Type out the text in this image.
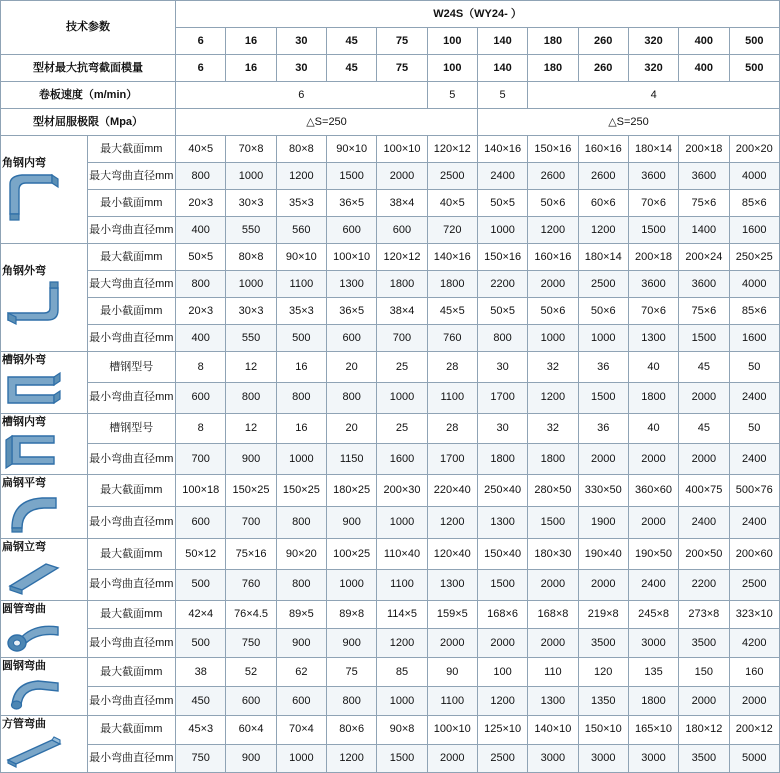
技术参数		W24S（WY24- ）											
		6	16	30	45	75	100	140	180	260	320	400	500
型材最大抗弯截面模量		6	16	30	45	75	100	140	180	260	320	400	500
卷板速度（m/min）		6					5	5	4				
型材屈服极限（Mpa）		△S=250						△S=250					

角钢内弯	最大截面mm	40×5	70×8	80×8	90×10	100×10	120×12	140×16	150×16	160×16	180×14	200×18	200×20
	最大弯曲直径mm	800	1000	1200	1500	2000	2500	2400	2600	2600	3600	3600	4000
	最小截面mm	20×3	30×3	35×3	36×5	38×4	40×5	50×5	50×6	60×6	70×6	75×6	85×6
	最小弯曲直径mm	400	550	560	600	600	720	1000	1200	1200	1500	1400	1600

角钢外弯	最大截面mm	50×5	80×8	90×10	100×10	120×12	140×16	150×16	160×16	180×14	200×18	200×24	250×25
	最大弯曲直径mm	800	1000	1100	1300	1800	1800	2200	2000	2500	3600	3600	4000
	最小截面mm	20×3	30×3	35×3	36×5	38×4	45×5	50×5	50×6	50×6	70×6	75×6	85×6
	最小弯曲直径mm	400	550	500	600	700	760	800	1000	1000	1300	1500	1600

槽钢外弯	槽钢型号	8	12	16	20	25	28	30	32	36	40	45	50
	最小弯曲直径mm	600	800	800	800	1000	1100	1700	1200	1500	1800	2000	2400

槽钢内弯	槽钢型号	8	12	16	20	25	28	30	32	36	40	45	50
	最小弯曲直径mm	700	900	1000	1150	1600	1700	1800	1800	2000	2000	2000	2400

扁钢平弯	最大截面mm	100×18	150×25	150×25	180×25	200×30	220×40	250×40	280×50	330×50	360×60	400×75	500×76
	最小弯曲直径mm	600	700	800	900	1000	1200	1300	1500	1900	2000	2400	2400

扁钢立弯	最大截面mm	50×12	75×16	90×20	100×25	110×40	120×40	150×40	180×30	190×40	190×50	200×50	200×60
	最小弯曲直径mm	500	760	800	1000	1100	1300	1500	2000	2000	2400	2200	2500

圆管弯曲	最大截面mm	42×4	76×4.5	89×5	89×8	114×5	159×5	168×6	168×8	219×8	245×8	273×8	323×10
	最小弯曲直径mm	500	750	900	900	1200	2000	2000	2000	3500	3000	3500	4200

圆钢弯曲	最大截面mm	38	52	62	75	85	90	100	110	120	135	150	160
	最小弯曲直径mm	450	600	600	800	1000	1100	1200	1300	1350	1800	2000	2000

方管弯曲	最大截面mm	45×3	60×4	70×4	80×6	90×8	100×10	125×10	140×10	150×10	165×10	180×12	200×12
	最小弯曲直径mm	750	900	1000	1200	1500	2000	2500	3000	3000	3000	3500	5000
